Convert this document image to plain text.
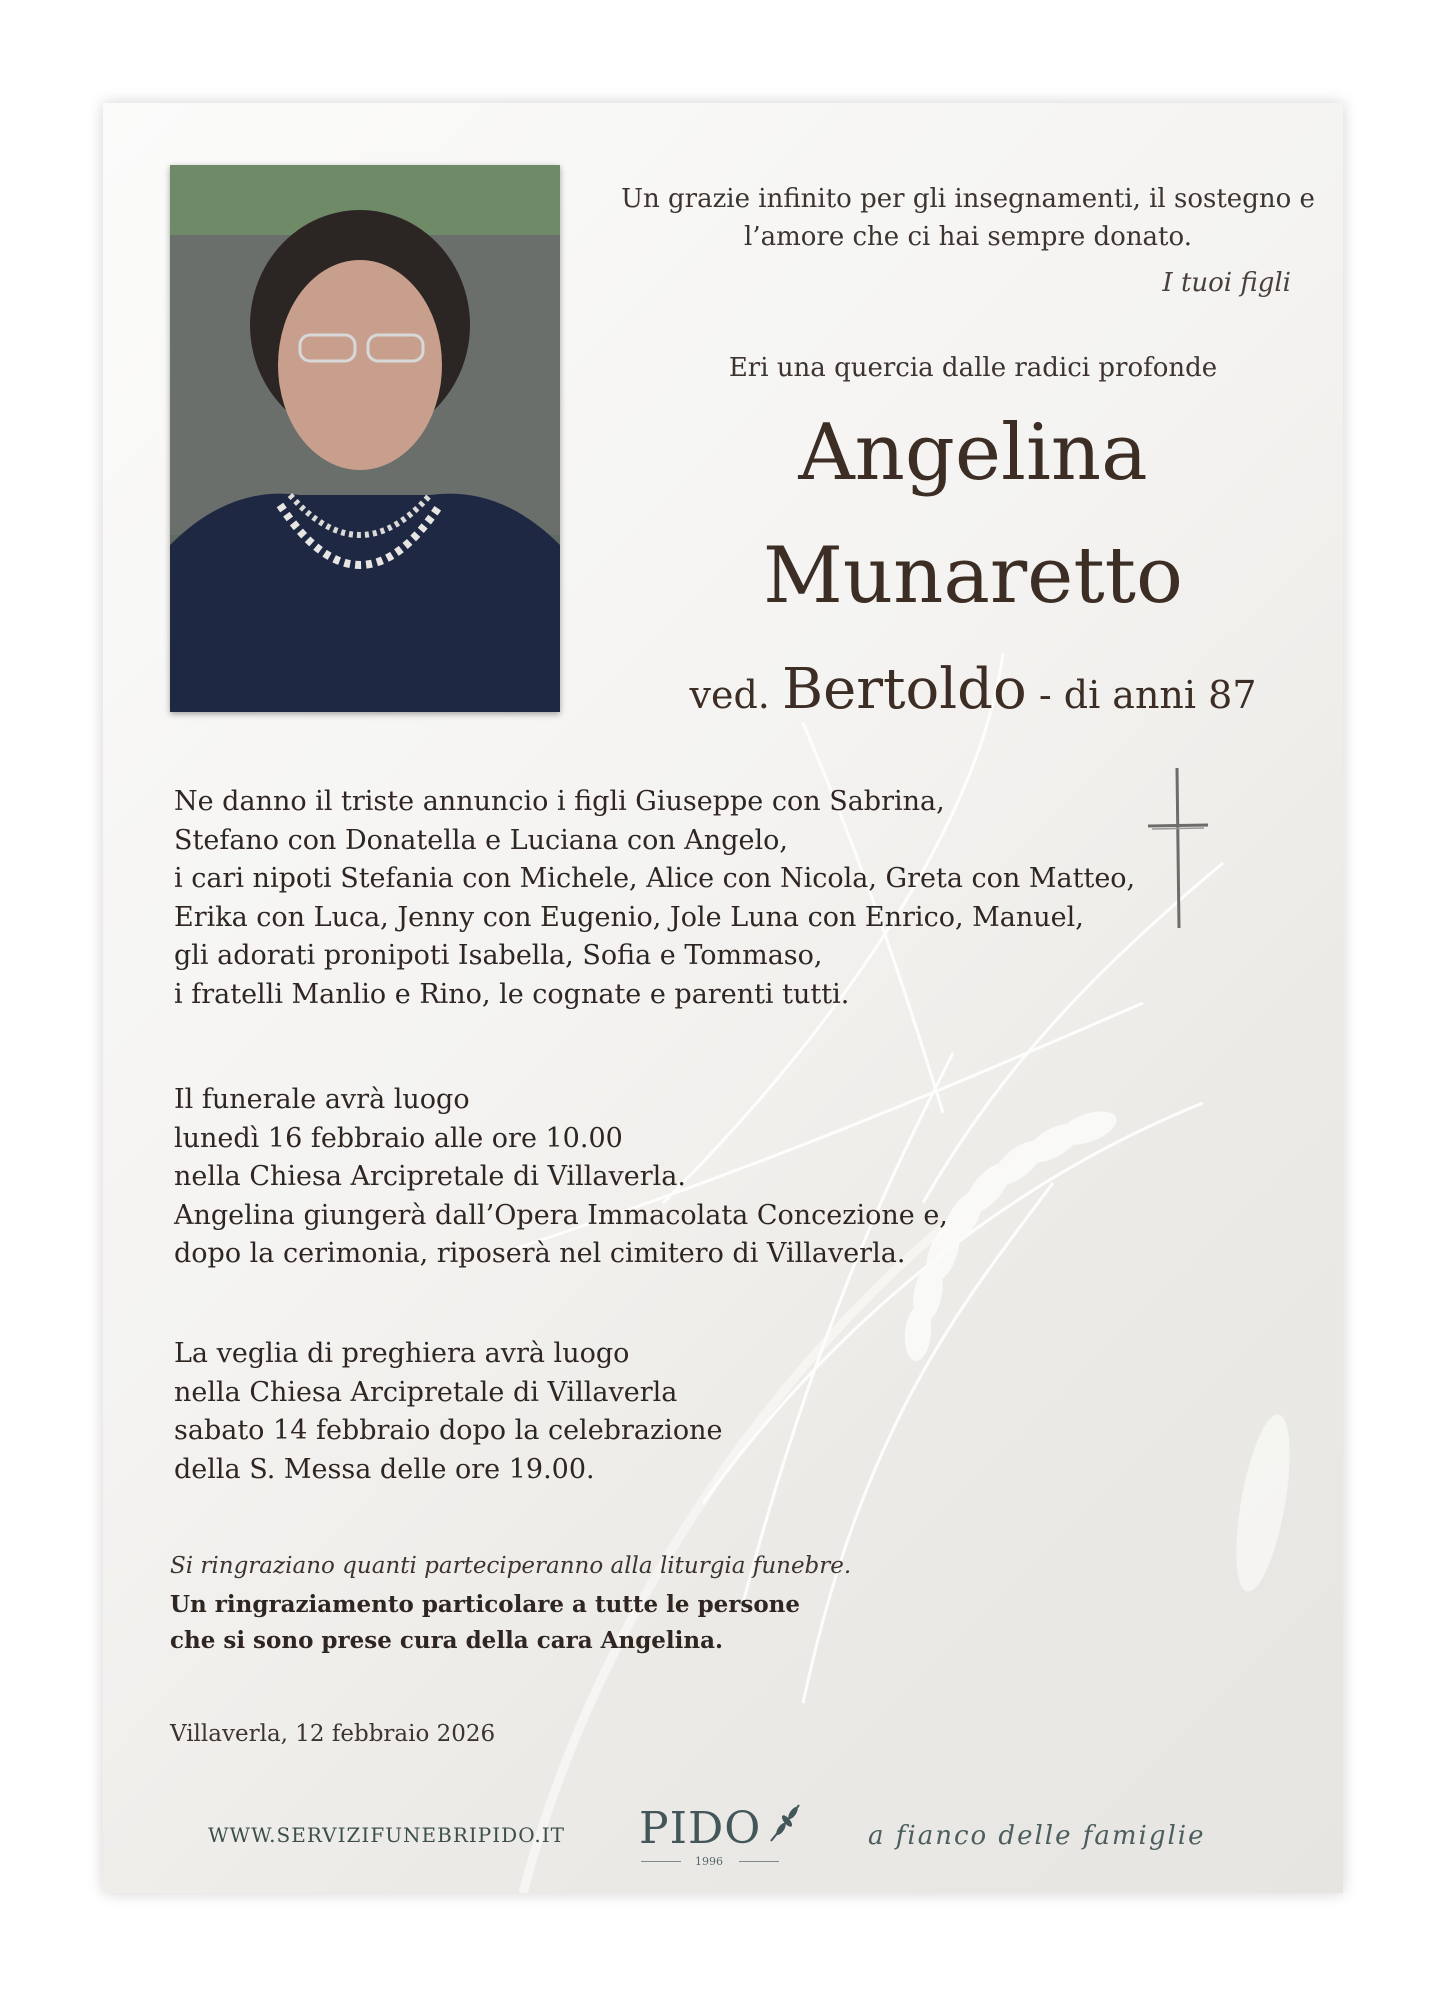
Un grazie infinito per gli insegnamenti, il sostegno e
l’amore che ci hai sempre donato.
I tuoi figli
Eri una quercia dalle radici profonde
Angelina
Munaretto
ved. Bertoldo - di anni 87
Ne danno il triste annuncio i figli Giuseppe con Sabrina,
Stefano con Donatella e Luciana con Angelo,
i cari nipoti Stefania con Michele, Alice con Nicola, Greta con Matteo,
Erika con Luca, Jenny con Eugenio, Jole Luna con Enrico, Manuel,
gli adorati pronipoti Isabella, Sofia e Tommaso,
i fratelli Manlio e Rino, le cognate e parenti tutti.
Il funerale avrà luogo
lunedì 16 febbraio alle ore 10.00
nella Chiesa Arcipretale di Villaverla.
Angelina giungerà dall’Opera Immacolata Concezione e,
dopo la cerimonia, riposerà nel cimitero di Villaverla.
La veglia di preghiera avrà luogo
nella Chiesa Arcipretale di Villaverla
sabato 14 febbraio dopo la celebrazione
della S. Messa delle ore 19.00.
Si ringraziano quanti parteciperanno alla liturgia funebre.
Un ringraziamento particolare a tutte le persone
che si sono prese cura della cara Angelina.
Villaverla, 12 febbraio 2026
WWW.SERVIZIFUNEBRIPIDO.IT PIDO
1996
a fianco delle famiglie
